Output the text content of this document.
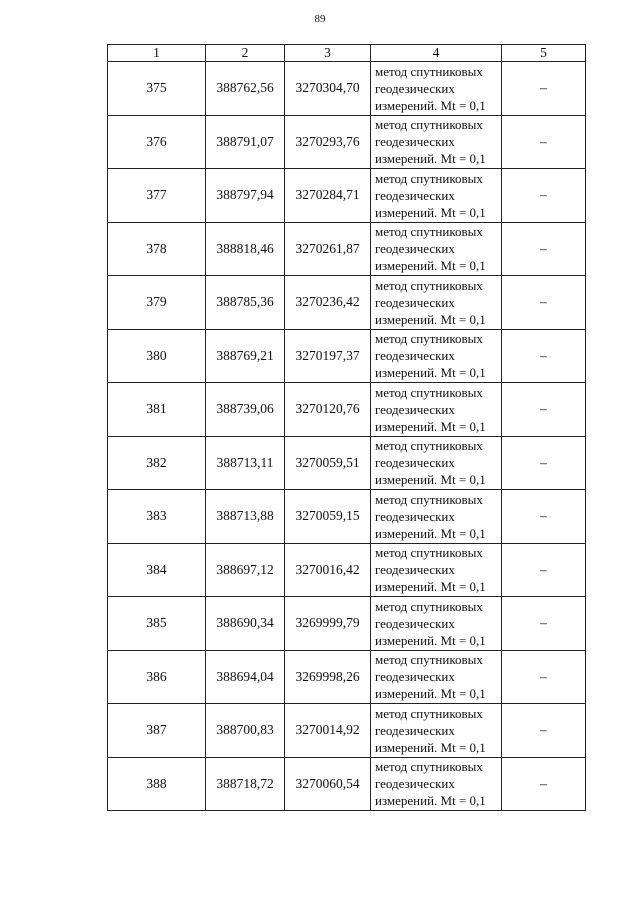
89
1	2	3	4	5
375	388762,56	3270304,70	метод спутниковых
геодезических
измерений. Mt = 0,1	–
376	388791,07	3270293,76	метод спутниковых
геодезических
измерений. Mt = 0,1	–
377	388797,94	3270284,71	метод спутниковых
геодезических
измерений. Mt = 0,1	–
378	388818,46	3270261,87	метод спутниковых
геодезических
измерений. Mt = 0,1	–
379	388785,36	3270236,42	метод спутниковых
геодезических
измерений. Mt = 0,1	–
380	388769,21	3270197,37	метод спутниковых
геодезических
измерений. Mt = 0,1	–
381	388739,06	3270120,76	метод спутниковых
геодезических
измерений. Mt = 0,1	–
382	388713,11	3270059,51	метод спутниковых
геодезических
измерений. Mt = 0,1	–
383	388713,88	3270059,15	метод спутниковых
геодезических
измерений. Mt = 0,1	–
384	388697,12	3270016,42	метод спутниковых
геодезических
измерений. Mt = 0,1	–
385	388690,34	3269999,79	метод спутниковых
геодезических
измерений. Mt = 0,1	–
386	388694,04	3269998,26	метод спутниковых
геодезических
измерений. Mt = 0,1	–
387	388700,83	3270014,92	метод спутниковых
геодезических
измерений. Mt = 0,1	–
388	388718,72	3270060,54	метод спутниковых
геодезических
измерений. Mt = 0,1	–
